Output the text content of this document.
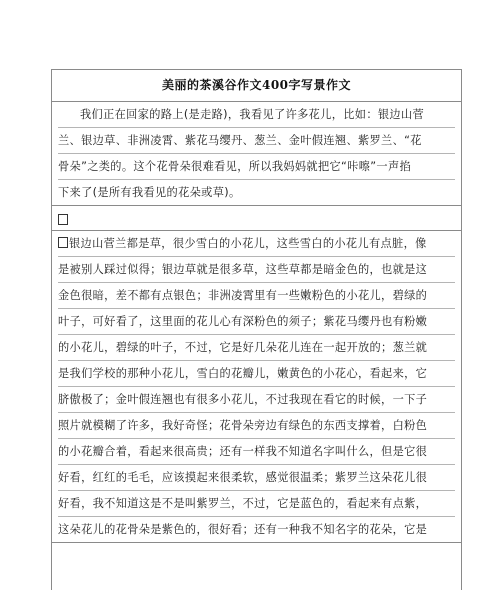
美丽的茶溪谷作文400字写景作文
我们正在回家的路上(是走路)，我看见了许多花儿，比如：银边山菅
兰、银边草、非洲凌霄、紫花马缨丹、葱兰、金叶假连翘、紫罗兰、“花
骨朵”之类的。这个花骨朵很难看见，所以我妈妈就把它“咔嚓”一声掐
下来了(是所有我看见的花朵或草)。
银边山菅兰都是草，很少雪白的小花儿，这些雪白的小花儿有点脏，像
是被别人踩过似得；银边草就是很多草，这些草都是暗金色的，也就是这
金色很暗，差不都有点银色；非洲凌霄里有一些嫩粉色的小花儿，碧绿的
叶子，可好看了，这里面的花儿心有深粉色的须子；紫花马缨丹也有粉嫩
的小花儿，碧绿的叶子，不过，它是好几朵花儿连在一起开放的；葱兰就
是我们学校的那种小花儿，雪白的花瓣儿，嫩黄色的小花心，看起来，它
脐傲极了；金叶假连翘也有很多小花儿，不过我现在看它的时候，一下子
照片就模糊了许多，我好奇怪；花骨朵旁边有绿色的东西支撑着，白粉色
的小花瓣合着，看起来很高贵；还有一样我不知道名字叫什么，但是它很
好看，红红的毛毛，应该摸起来很柔软，感觉很温柔；紫罗兰这朵花儿很
好看，我不知道这是不是叫紫罗兰，不过，它是蓝色的，看起来有点紫，
这朵花儿的花骨朵是紫色的，很好看；还有一种我不知名字的花朵，它是
